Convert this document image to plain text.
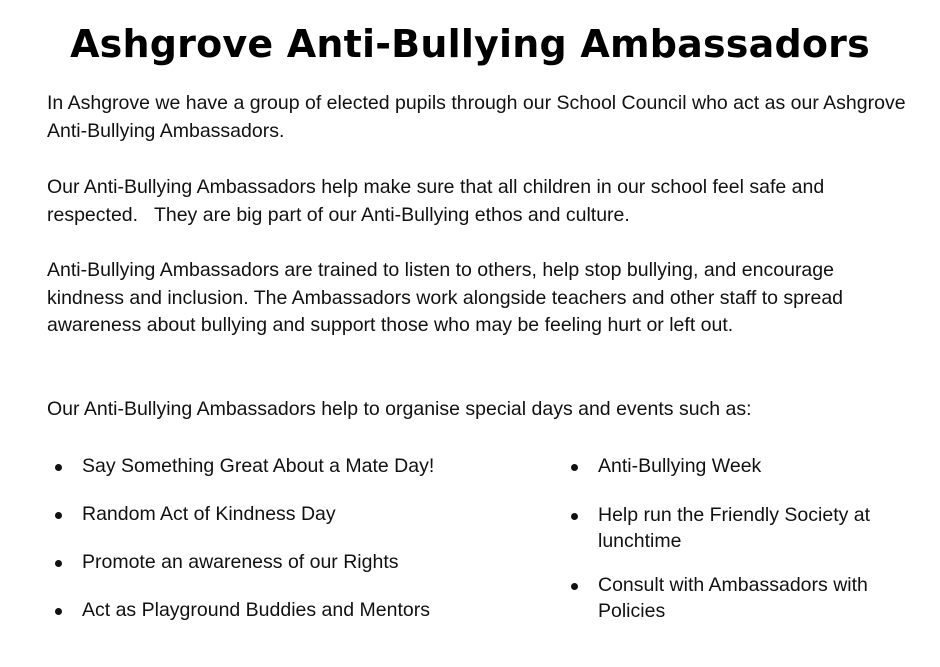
Ashgrove Anti-Bullying Ambassadors

In Ashgrove we have a group of elected pupils through our School Council who act as our Ashgrove Anti-Bullying Ambassadors.

Our Anti-Bullying Ambassadors help make sure that all children in our school feel safe and respected.   They are big part of our Anti-Bullying ethos and culture.

Anti-Bullying Ambassadors are trained to listen to others, help stop bullying, and encourage kindness and inclusion. The Ambassadors work alongside teachers and other staff to spread awareness about bullying and support those who may be feeling hurt or left out.

Our Anti-Bullying Ambassadors help to organise special days and events such as:

Say Something Great About a Mate Day!
Random Act of Kindness Day
Promote an awareness of our Rights
Act as Playground Buddies and Mentors
Anti-Bullying Week
Help run the Friendly Society at lunchtime
Consult with Ambassadors with Policies
